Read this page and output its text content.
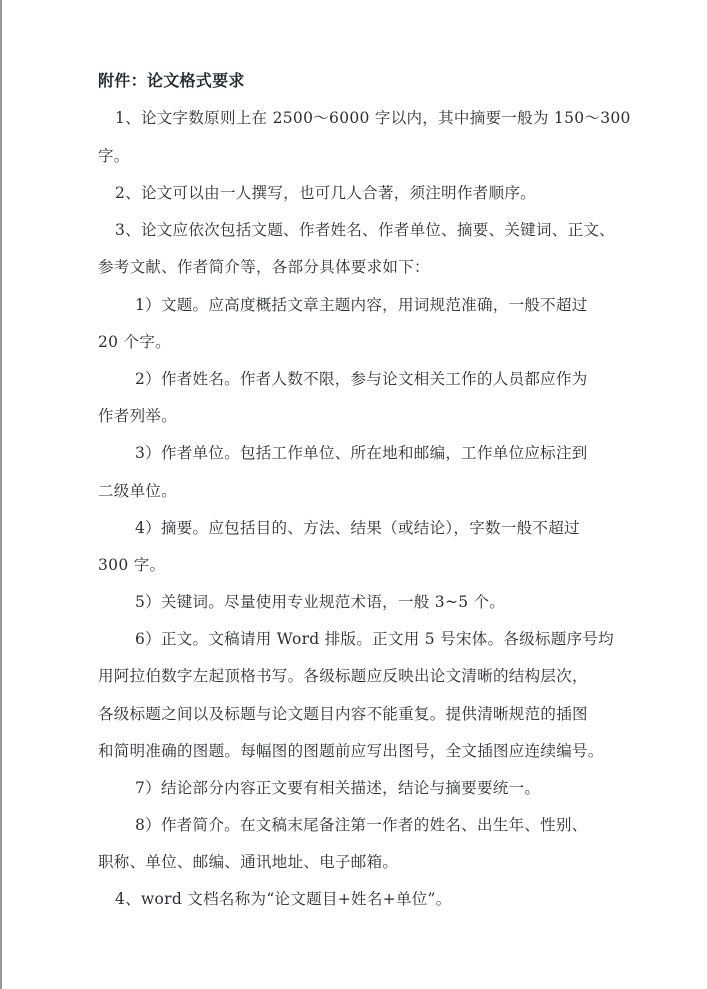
附件：论文格式要求
1、论文字数原则上在 2500～6000 字以内，其中摘要一般为 150～300
字。
2、论文可以由一人撰写，也可几人合著，须注明作者顺序。
3、论文应依次包括文题、作者姓名、作者单位、摘要、关键词、正文、
参考文献、作者简介等，各部分具体要求如下：
1）文题。应高度概括文章主题内容，用词规范准确，一般不超过
20 个字。
2）作者姓名。作者人数不限，参与论文相关工作的人员都应作为
作者列举。
3）作者单位。包括工作单位、所在地和邮编，工作单位应标注到
二级单位。
4）摘要。应包括目的、方法、结果（或结论），字数一般不超过
300 字。
5）关键词。尽量使用专业规范术语，一般 3~5 个。
6）正文。文稿请用 Word 排版。正文用 5 号宋体。各级标题序号均
用阿拉伯数字左起顶格书写。各级标题应反映出论文清晰的结构层次，
各级标题之间以及标题与论文题目内容不能重复。提供清晰规范的插图
和简明准确的图题。每幅图的图题前应写出图号，全文插图应连续编号。
7）结论部分内容正文要有相关描述，结论与摘要要统一。
8）作者简介。在文稿末尾备注第一作者的姓名、出生年、性别、
职称、单位、邮编、通讯地址、电子邮箱。
4、word 文档名称为“论文题目+姓名+单位”。
